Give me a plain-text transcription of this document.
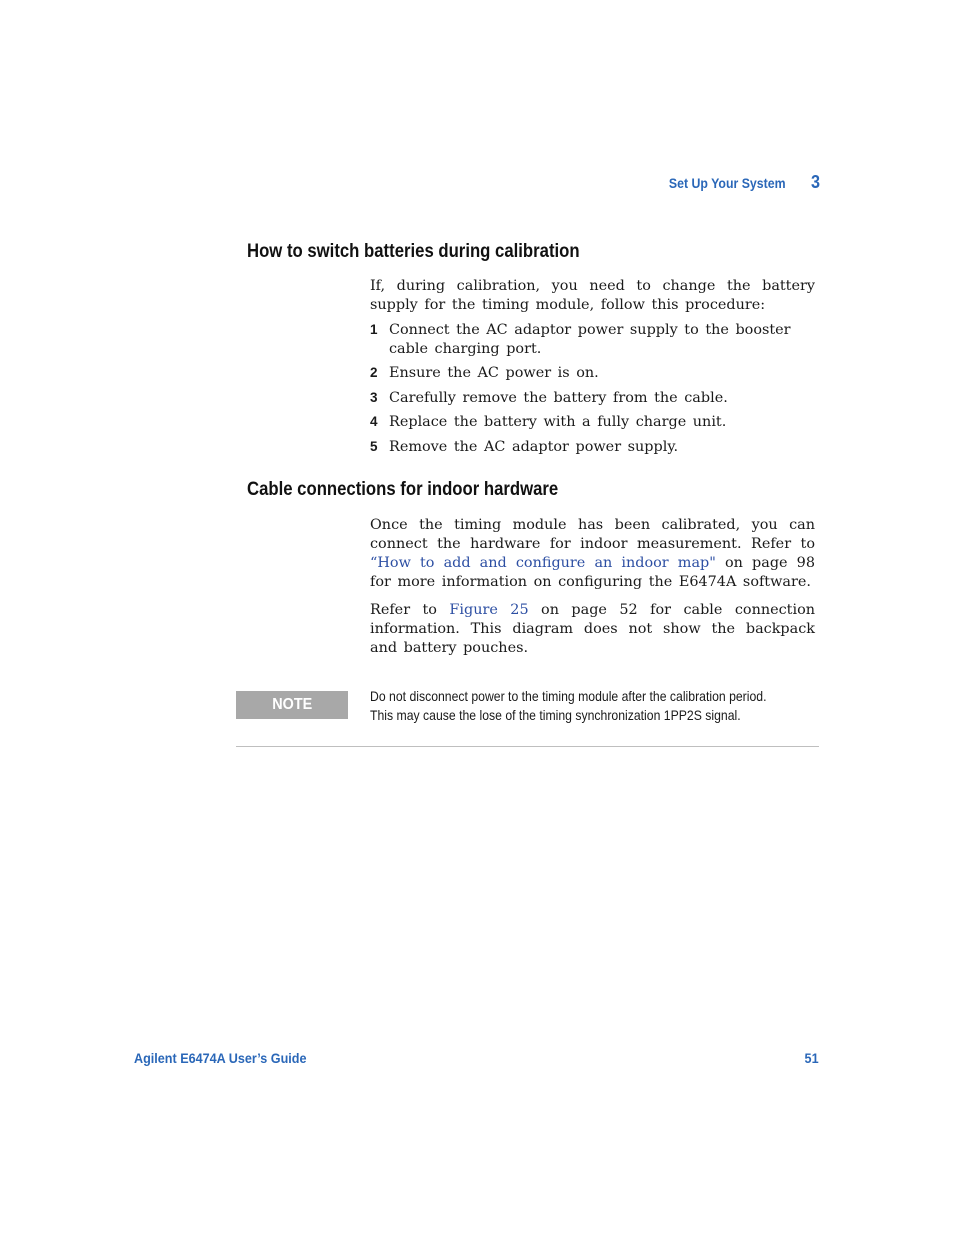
Set Up Your System 3
How to switch batteries during calibration

If, during calibration, you need to change the battery supply for the timing module, follow this procedure:

1 Connect the AC adaptor power supply to the booster cable charging port.
2 Ensure the AC power is on.
3 Carefully remove the battery from the cable.
4 Replace the battery with a fully charge unit.
5 Remove the AC adaptor power supply.
Cable connections for indoor hardware

Once the timing module has been calibrated, you can connect the hardware for indoor measurement. Refer to “How to add and configure an indoor map" on page 98 for more information on configuring the E6474A software.

Refer to Figure 25 on page 52 for cable connection information. This diagram does not show the backpack and battery pouches.

NOTE	Do not disconnect power to the timing module after the calibration period.
This may cause the lose of the timing synchronization 1PP2S signal.
Agilent E6474A User’s Guide	51
